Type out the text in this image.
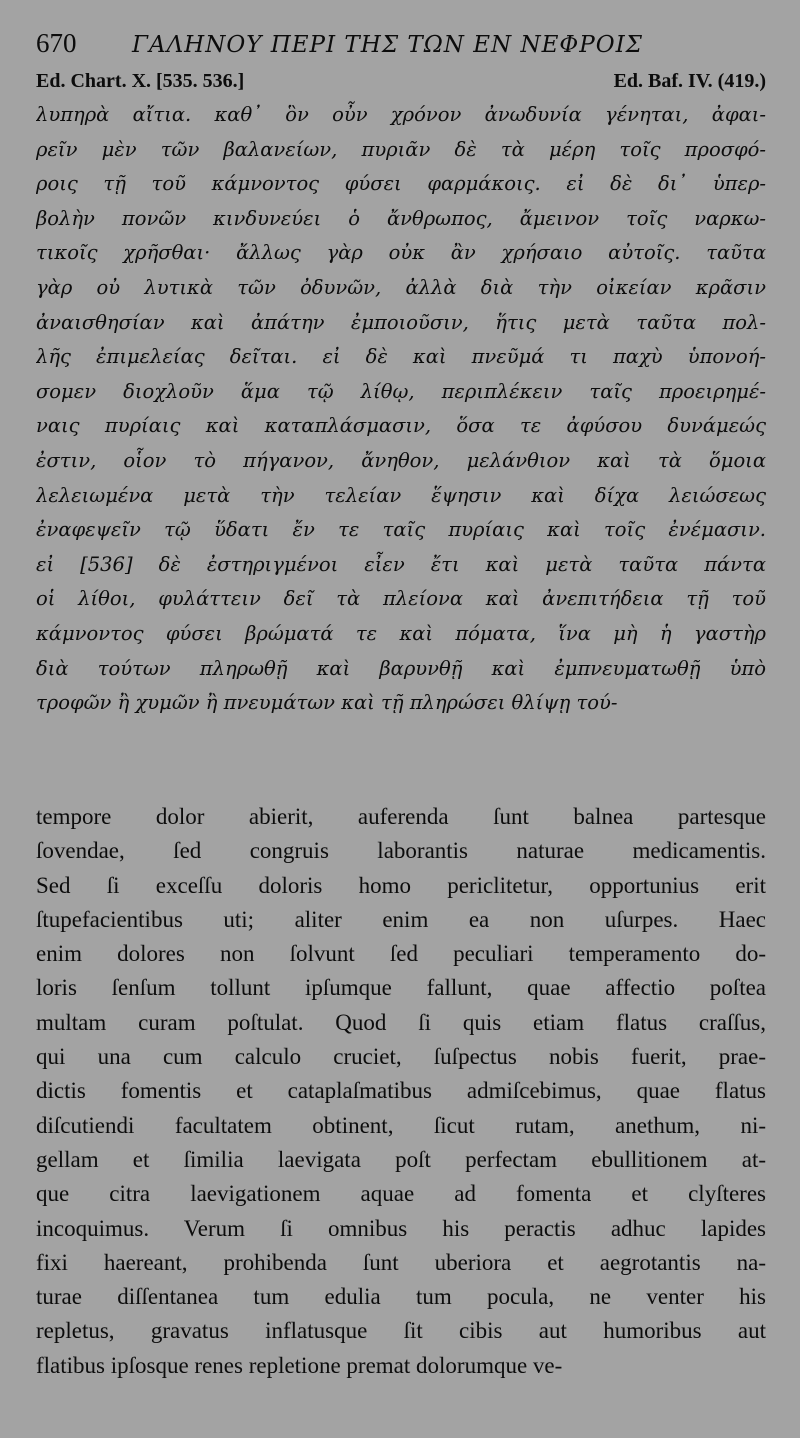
670 ΓΑΛΗΝΟΥ ΠΕΡΙ ΤΗΣ ΤΩΝ ΕΝ ΝΕΦΡΟΙΣ
Ed. Chart. X. [535. 536.]	Ed. Baf. IV. (419.)
λυπηρὰ αἴτια. καθ᾽ ὃν οὖν χρόνον ἀνωδυνία γένηται, ἀφαι-
ρεῖν μὲν τῶν βαλανείων, πυριᾶν δὲ τὰ μέρη τοῖς προσφό-
ροις τῇ τοῦ κάμνοντος φύσει φαρμάκοις. εἰ δὲ δι᾽ ὑπερ-
βολὴν πονῶν κινδυνεύει ὁ ἄνθρωπος, ἄμεινον τοῖς ναρκω-
τικοῖς χρῆσθαι· ἄλλως γὰρ οὐκ ἂν χρήσαιο αὐτοῖς. ταῦτα
γὰρ οὐ λυτικὰ τῶν ὀδυνῶν, ἀλλὰ διὰ τὴν οἰκείαν κρᾶσιν
ἀναισθησίαν καὶ ἀπάτην ἐμποιοῦσιν, ἥτις μετὰ ταῦτα πολ-
λῆς ἐπιμελείας δεῖται. εἰ δὲ καὶ πνεῦμά τι παχὺ ὑπονοή-
σομεν διοχλοῦν ἅμα τῷ λίθῳ, περιπλέκειν ταῖς προειρημέ-
ναις πυρίαις καὶ καταπλάσμασιν, ὅσα τε ἀφύσου δυνάμεώς
ἐστιν, οἷον τὸ πήγανον, ἄνηθον, μελάνθιον καὶ τὰ ὅμοια
λελειωμένα μετὰ τὴν τελείαν ἕψησιν καὶ δίχα λειώσεως
ἐναφεψεῖν τῷ ὕδατι ἔν τε ταῖς πυρίαις καὶ τοῖς ἐνέμασιν.
εἰ [536] δὲ ἐστηριγμένοι εἶεν ἔτι καὶ μετὰ ταῦτα πάντα
οἱ λίθοι, φυλάττειν δεῖ τὰ πλείονα καὶ ἀνεπιτήδεια τῇ τοῦ
κάμνοντος φύσει βρώματά τε καὶ πόματα, ἵνα μὴ ἡ γαστὴρ
διὰ τούτων πληρωθῇ καὶ βαρυνθῇ καὶ ἐμπνευματωθῇ ὑπὸ
τροφῶν ἢ χυμῶν ἢ πνευμάτων καὶ τῇ πληρώσει θλίψῃ τού-
tempore dolor abierit, auferenda ſunt balnea partesque
ſovendae, ſed congruis laborantis naturae medicamentis.
Sed ſi exceſſu doloris homo periclitetur, opportunius erit
ſtupefacientibus uti; aliter enim ea non uſurpes. Haec
enim dolores non ſolvunt ſed peculiari temperamento do-
loris ſenſum tollunt ipſumque fallunt, quae affectio poſtea
multam curam poſtulat. Quod ſi quis etiam flatus craſſus,
qui una cum calculo cruciet, ſuſpectus nobis fuerit, prae-
dictis fomentis et cataplaſmatibus admiſcebimus, quae flatus
diſcutiendi facultatem obtinent, ſicut rutam, anethum, ni-
gellam et ſimilia laevigata poſt perfectam ebullitionem at-
que citra laevigationem aquae ad fomenta et clyſteres
incoquimus. Verum ſi omnibus his peractis adhuc lapides
fixi haereant, prohibenda ſunt uberiora et aegrotantis na-
turae diſſentanea tum edulia tum pocula, ne venter his
repletus, gravatus inflatusque ſit cibis aut humoribus aut
flatibus ipſosque renes repletione premat dolorumque ve-
